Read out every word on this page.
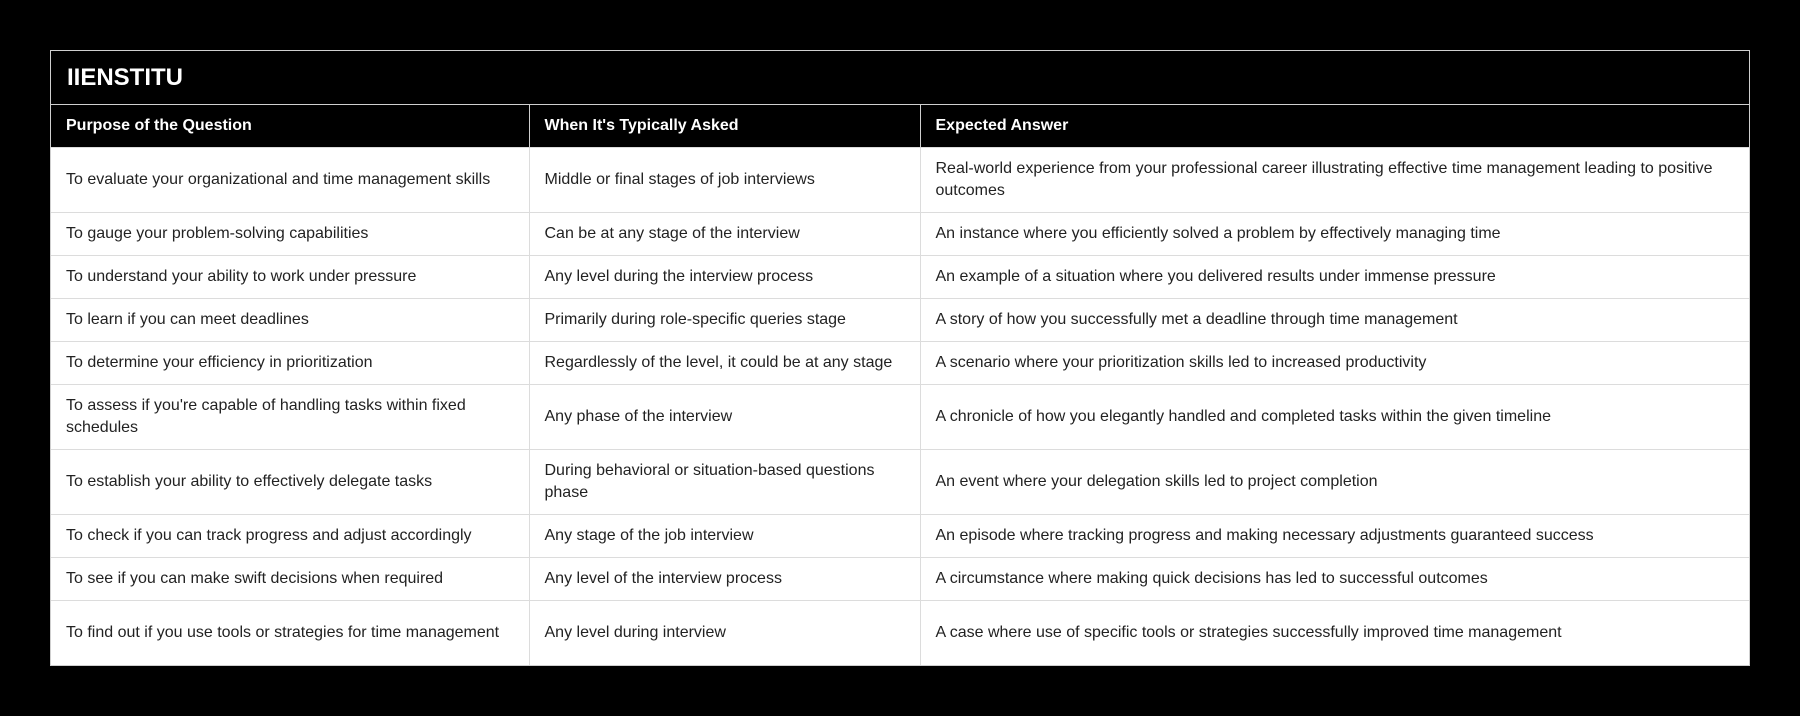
IIENSTITU
Purpose of the Question	When It's Typically Asked	Expected Answer
To evaluate your organizational and time management skills	Middle or final stages of job interviews	Real-world experience from your professional career illustrating effective time management leading to positive outcomes
To gauge your problem-solving capabilities	Can be at any stage of the interview	An instance where you efficiently solved a problem by effectively managing time
To understand your ability to work under pressure	Any level during the interview process	An example of a situation where you delivered results under immense pressure
To learn if you can meet deadlines	Primarily during role-specific queries stage	A story of how you successfully met a deadline through time management
To determine your efficiency in prioritization	Regardlessly of the level, it could be at any stage	A scenario where your prioritization skills led to increased productivity
To assess if you're capable of handling tasks within fixed schedules	Any phase of the interview	A chronicle of how you elegantly handled and completed tasks within the given timeline
To establish your ability to effectively delegate tasks	During behavioral or situation-based questions phase	An event where your delegation skills led to project completion
To check if you can track progress and adjust accordingly	Any stage of the job interview	An episode where tracking progress and making necessary adjustments guaranteed success
To see if you can make swift decisions when required	Any level of the interview process	A circumstance where making quick decisions has led to successful outcomes
To find out if you use tools or strategies for time management	Any level during interview	A case where use of specific tools or strategies successfully improved time management
